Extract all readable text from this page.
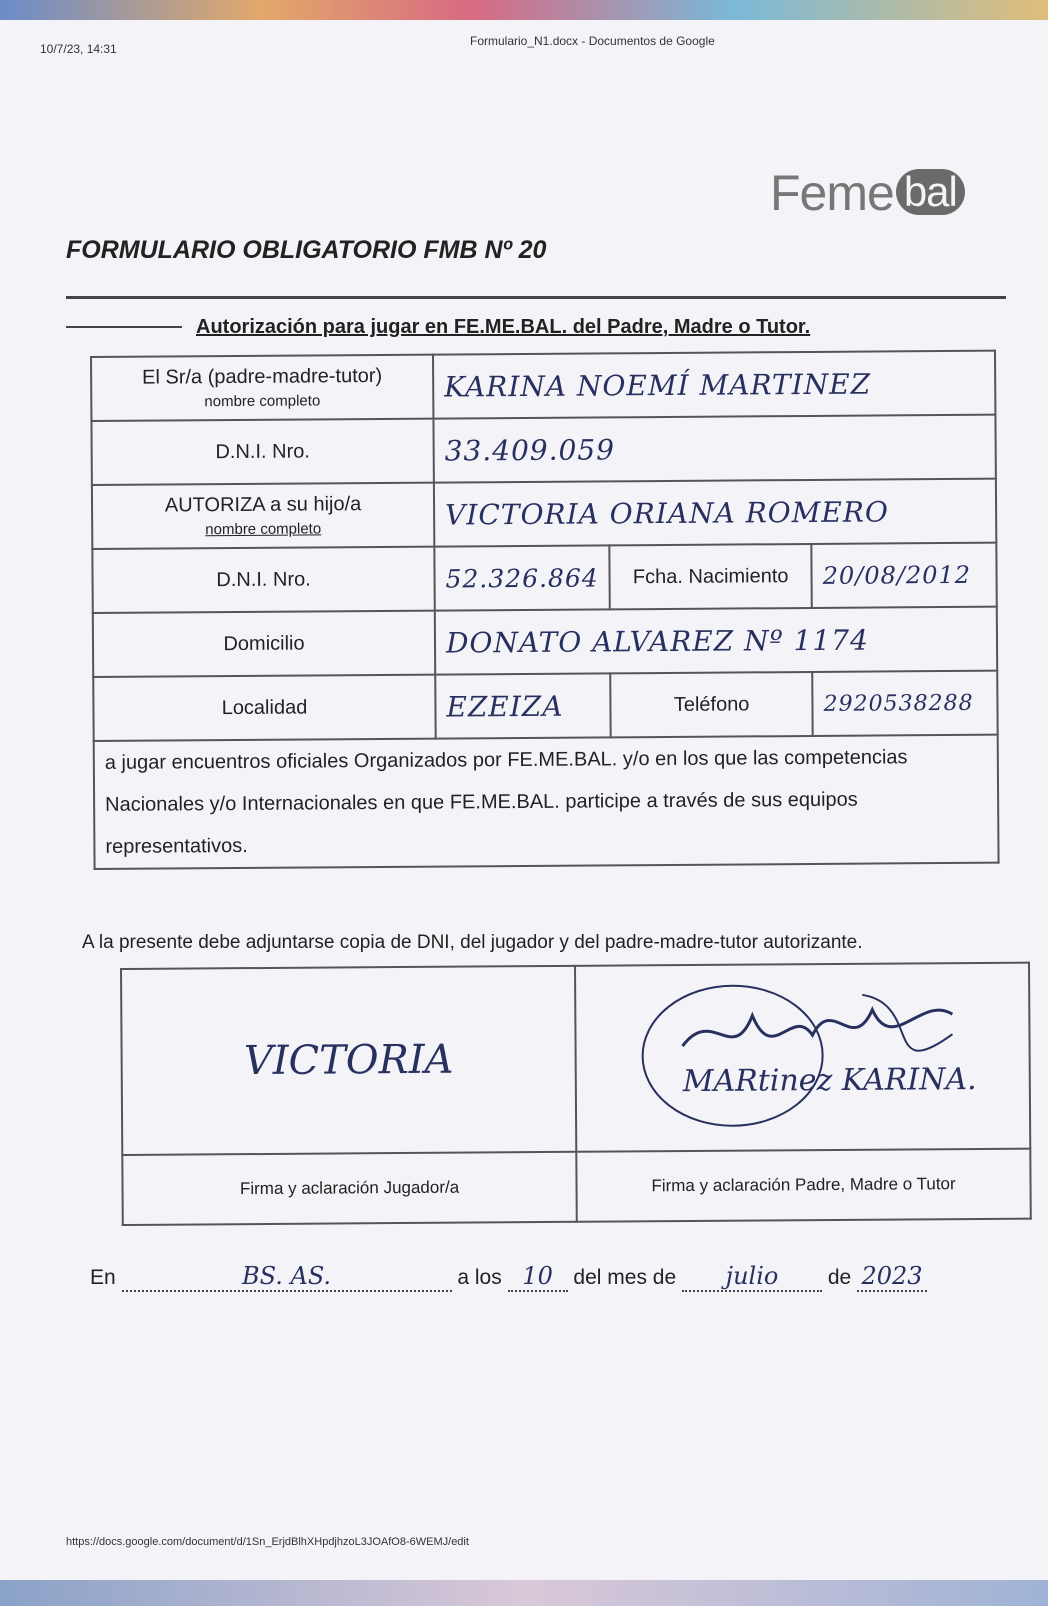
10/7/23, 14:31
Formulario_N1.docx - Documentos de Google
Feme bal
FORMULARIO OBLIGATORIO FMB Nº 20
Autorización para jugar en FE.ME.BAL. del Padre, Madre o Tutor.
El Sr/a (padre-madre-tutor)
nombre completo	KARINA NOEMÍ MARTINEZ		
D.N.I. Nro.	33.409.059		
AUTORIZA a su hijo/a
nombre completo	VICTORIA ORIANA ROMERO		
D.N.I. Nro.	52.326.864	Fcha. Nacimiento	20/08/2012
Domicilio	DONATO ALVAREZ Nº 1174		
Localidad	EZEIZA	Teléfono	2920538288
a jugar encuentros oficiales Organizados por FE.ME.BAL. y/o en los que las competencias Nacionales y/o Internacionales en que FE.ME.BAL. participe a través de sus equipos representativos.			
A la presente debe adjuntarse copia de DNI, del jugador y del padre-madre-tutor autorizante.
VICTORIA	MARtinez KARINA.

Firma y aclaración Jugador/a	Firma y aclaración Padre, Madre o Tutor
En	BS. AS.	a los 10 del mes de julio de 2023
https://docs.google.com/document/d/1Sn_ErjdBlhXHpdjhzoL3JOAfO8-6WEMJ/edit
